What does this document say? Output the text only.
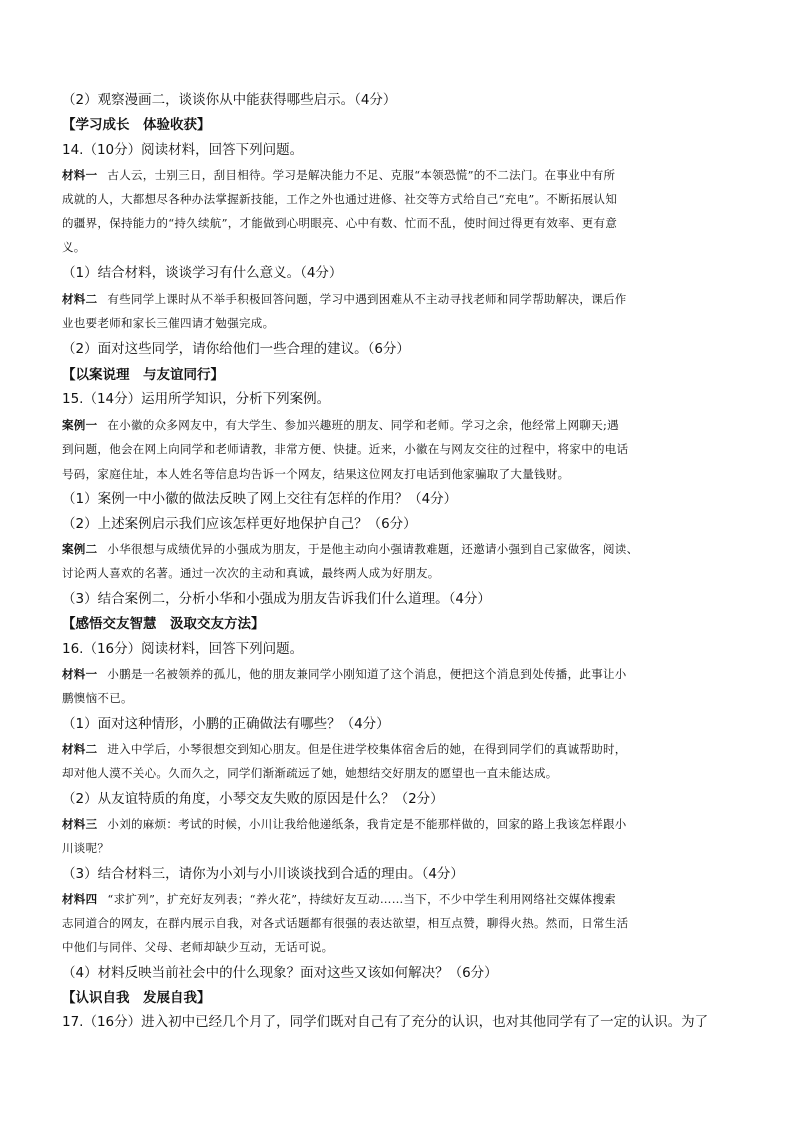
（2）观察漫画二，谈谈你从中能获得哪些启示。（4分）
【学习成长　体验收获】
14.（10分）阅读材料，回答下列问题。
材料一 古人云，士别三日，刮目相待。学习是解决能力不足、克服“本领恐慌”的不二法门。在事业中有所
成就的人，大都想尽各种办法掌握新技能，工作之外也通过进修、社交等方式给自己“充电”。不断拓展认知
的疆界，保持能力的“持久续航”，才能做到心明眼亮、心中有数、忙而不乱，使时间过得更有效率、更有意
义。
（1）结合材料，谈谈学习有什么意义。（4分）
材料二 有些同学上课时从不举手积极回答问题，学习中遇到困难从不主动寻找老师和同学帮助解决，课后作
业也要老师和家长三催四请才勉强完成。
（2）面对这些同学，请你给他们一些合理的建议。（6分）
【以案说理　与友谊同行】
15.（14分）运用所学知识，分析下列案例。
案例一 在小徽的众多网友中，有大学生、参加兴趣班的朋友、同学和老师。学习之余，他经常上网聊天;遇
到问题，他会在网上向同学和老师请教，非常方便、快捷。近来，小徽在与网友交往的过程中，将家中的电话
号码，家庭住址，本人姓名等信息均告诉一个网友，结果这位网友打电话到他家骗取了大量钱财。
（1）案例一中小徽的做法反映了网上交往有怎样的作用？（4分）
（2）上述案例启示我们应该怎样更好地保护自己？（6分）
案例二 小华很想与成绩优异的小强成为朋友，于是他主动向小强请教难题，还邀请小强到自己家做客，阅读、
讨论两人喜欢的名著。通过一次次的主动和真诚，最终两人成为好朋友。
（3）结合案例二，分析小华和小强成为朋友告诉我们什么道理。（4分）
【感悟交友智慧　汲取交友方法】
16.（16分）阅读材料，回答下列问题。
材料一 小鹏是一名被领养的孤儿，他的朋友兼同学小刚知道了这个消息，便把这个消息到处传播，此事让小
鹏懊恼不已。
（1）面对这种情形，小鹏的正确做法有哪些？（4分）
材料二 进入中学后，小琴很想交到知心朋友。但是住进学校集体宿舍后的她，在得到同学们的真诚帮助时，
却对他人漠不关心。久而久之，同学们渐渐疏远了她，她想结交好朋友的愿望也一直未能达成。
（2）从友谊特质的角度，小琴交友失败的原因是什么？（2分）
材料三 小刘的麻烦：考试的时候，小川让我给他递纸条，我肯定是不能那样做的，回家的路上我该怎样跟小
川谈呢？
（3）结合材料三，请你为小刘与小川谈谈找到合适的理由。（4分）
材料四 “求扩列”，扩充好友列表；“养火花”，持续好友互动……当下，不少中学生利用网络社交媒体搜索
志同道合的网友，在群内展示自我，对各式话题都有很强的表达欲望，相互点赞，聊得火热。然而，日常生活
中他们与同伴、父母、老师却缺少互动，无话可说。
（4）材料反映当前社会中的什么现象？面对这些又该如何解决？（6分）
【认识自我　发展自我】
17.（16分）进入初中已经几个月了，同学们既对自己有了充分的认识，也对其他同学有了一定的认识。为了
